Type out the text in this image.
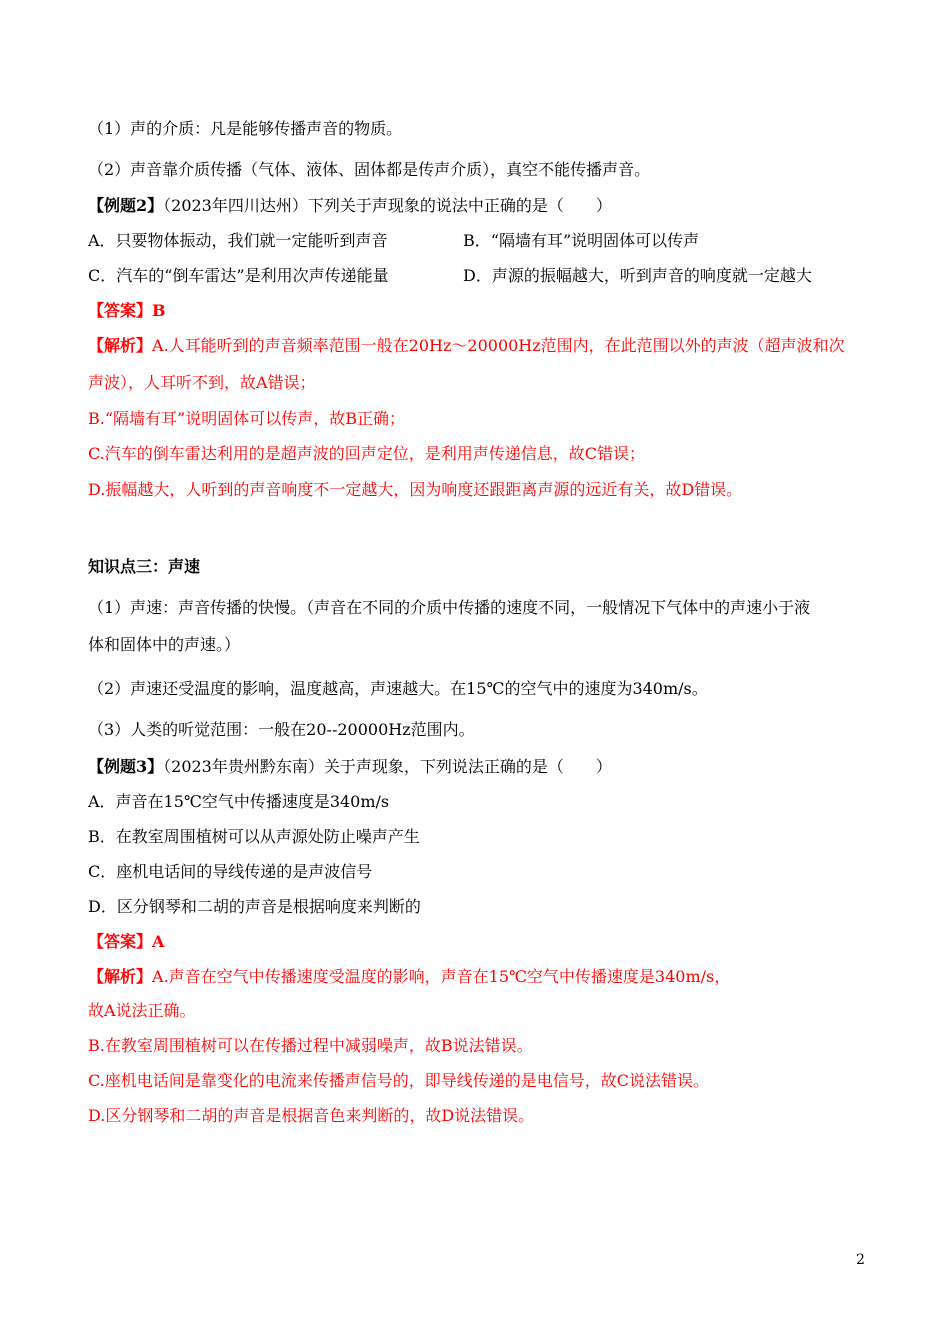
（1）声的介质：凡是能够传播声音的物质。
（2）声音靠介质传播（气体、液体、固体都是传声介质），真空不能传播声音。
【例题2】（2023年四川达州）下列关于声现象的说法中正确的是（　　）
A．只要物体振动，我们就一定能听到声音	B．“隔墙有耳”说明固体可以传声
C．汽车的“倒车雷达”是利用次声传递能量	D．声源的振幅越大，听到声音的响度就一定越大
【答案】B
【解析】A.人耳能听到的声音频率范围一般在20Hz～20000Hz范围内，在此范围以外的声波（超声波和次
声波），人耳听不到，故A错误；
B.“隔墙有耳”说明固体可以传声，故B正确；
C.汽车的倒车雷达利用的是超声波的回声定位，是利用声传递信息，故C错误；
D.振幅越大，人听到的声音响度不一定越大，因为响度还跟距离声源的远近有关，故D错误。
知识点三：声速
（1）声速：声音传播的快慢。（声音在不同的介质中传播的速度不同，一般情况下气体中的声速小于液
体和固体中的声速。）
（2）声速还受温度的影响，温度越高，声速越大。在15℃的空气中的速度为340m/s。
（3）人类的听觉范围：一般在20--20000Hz范围内。
【例题3】（2023年贵州黔东南）关于声现象，下列说法正确的是（　　）
A．声音在15℃空气中传播速度是340m/s
B．在教室周围植树可以从声源处防止噪声产生
C．座机电话间的导线传递的是声波信号
D．区分钢琴和二胡的声音是根据响度来判断的
【答案】A
【解析】A.声音在空气中传播速度受温度的影响，声音在15℃空气中传播速度是340m/s，
故A说法正确。
B.在教室周围植树可以在传播过程中减弱噪声，故B说法错误。
C.座机电话间是靠变化的电流来传播声信号的，即导线传递的是电信号，故C说法错误。
D.区分钢琴和二胡的声音是根据音色来判断的，故D说法错误。
2
